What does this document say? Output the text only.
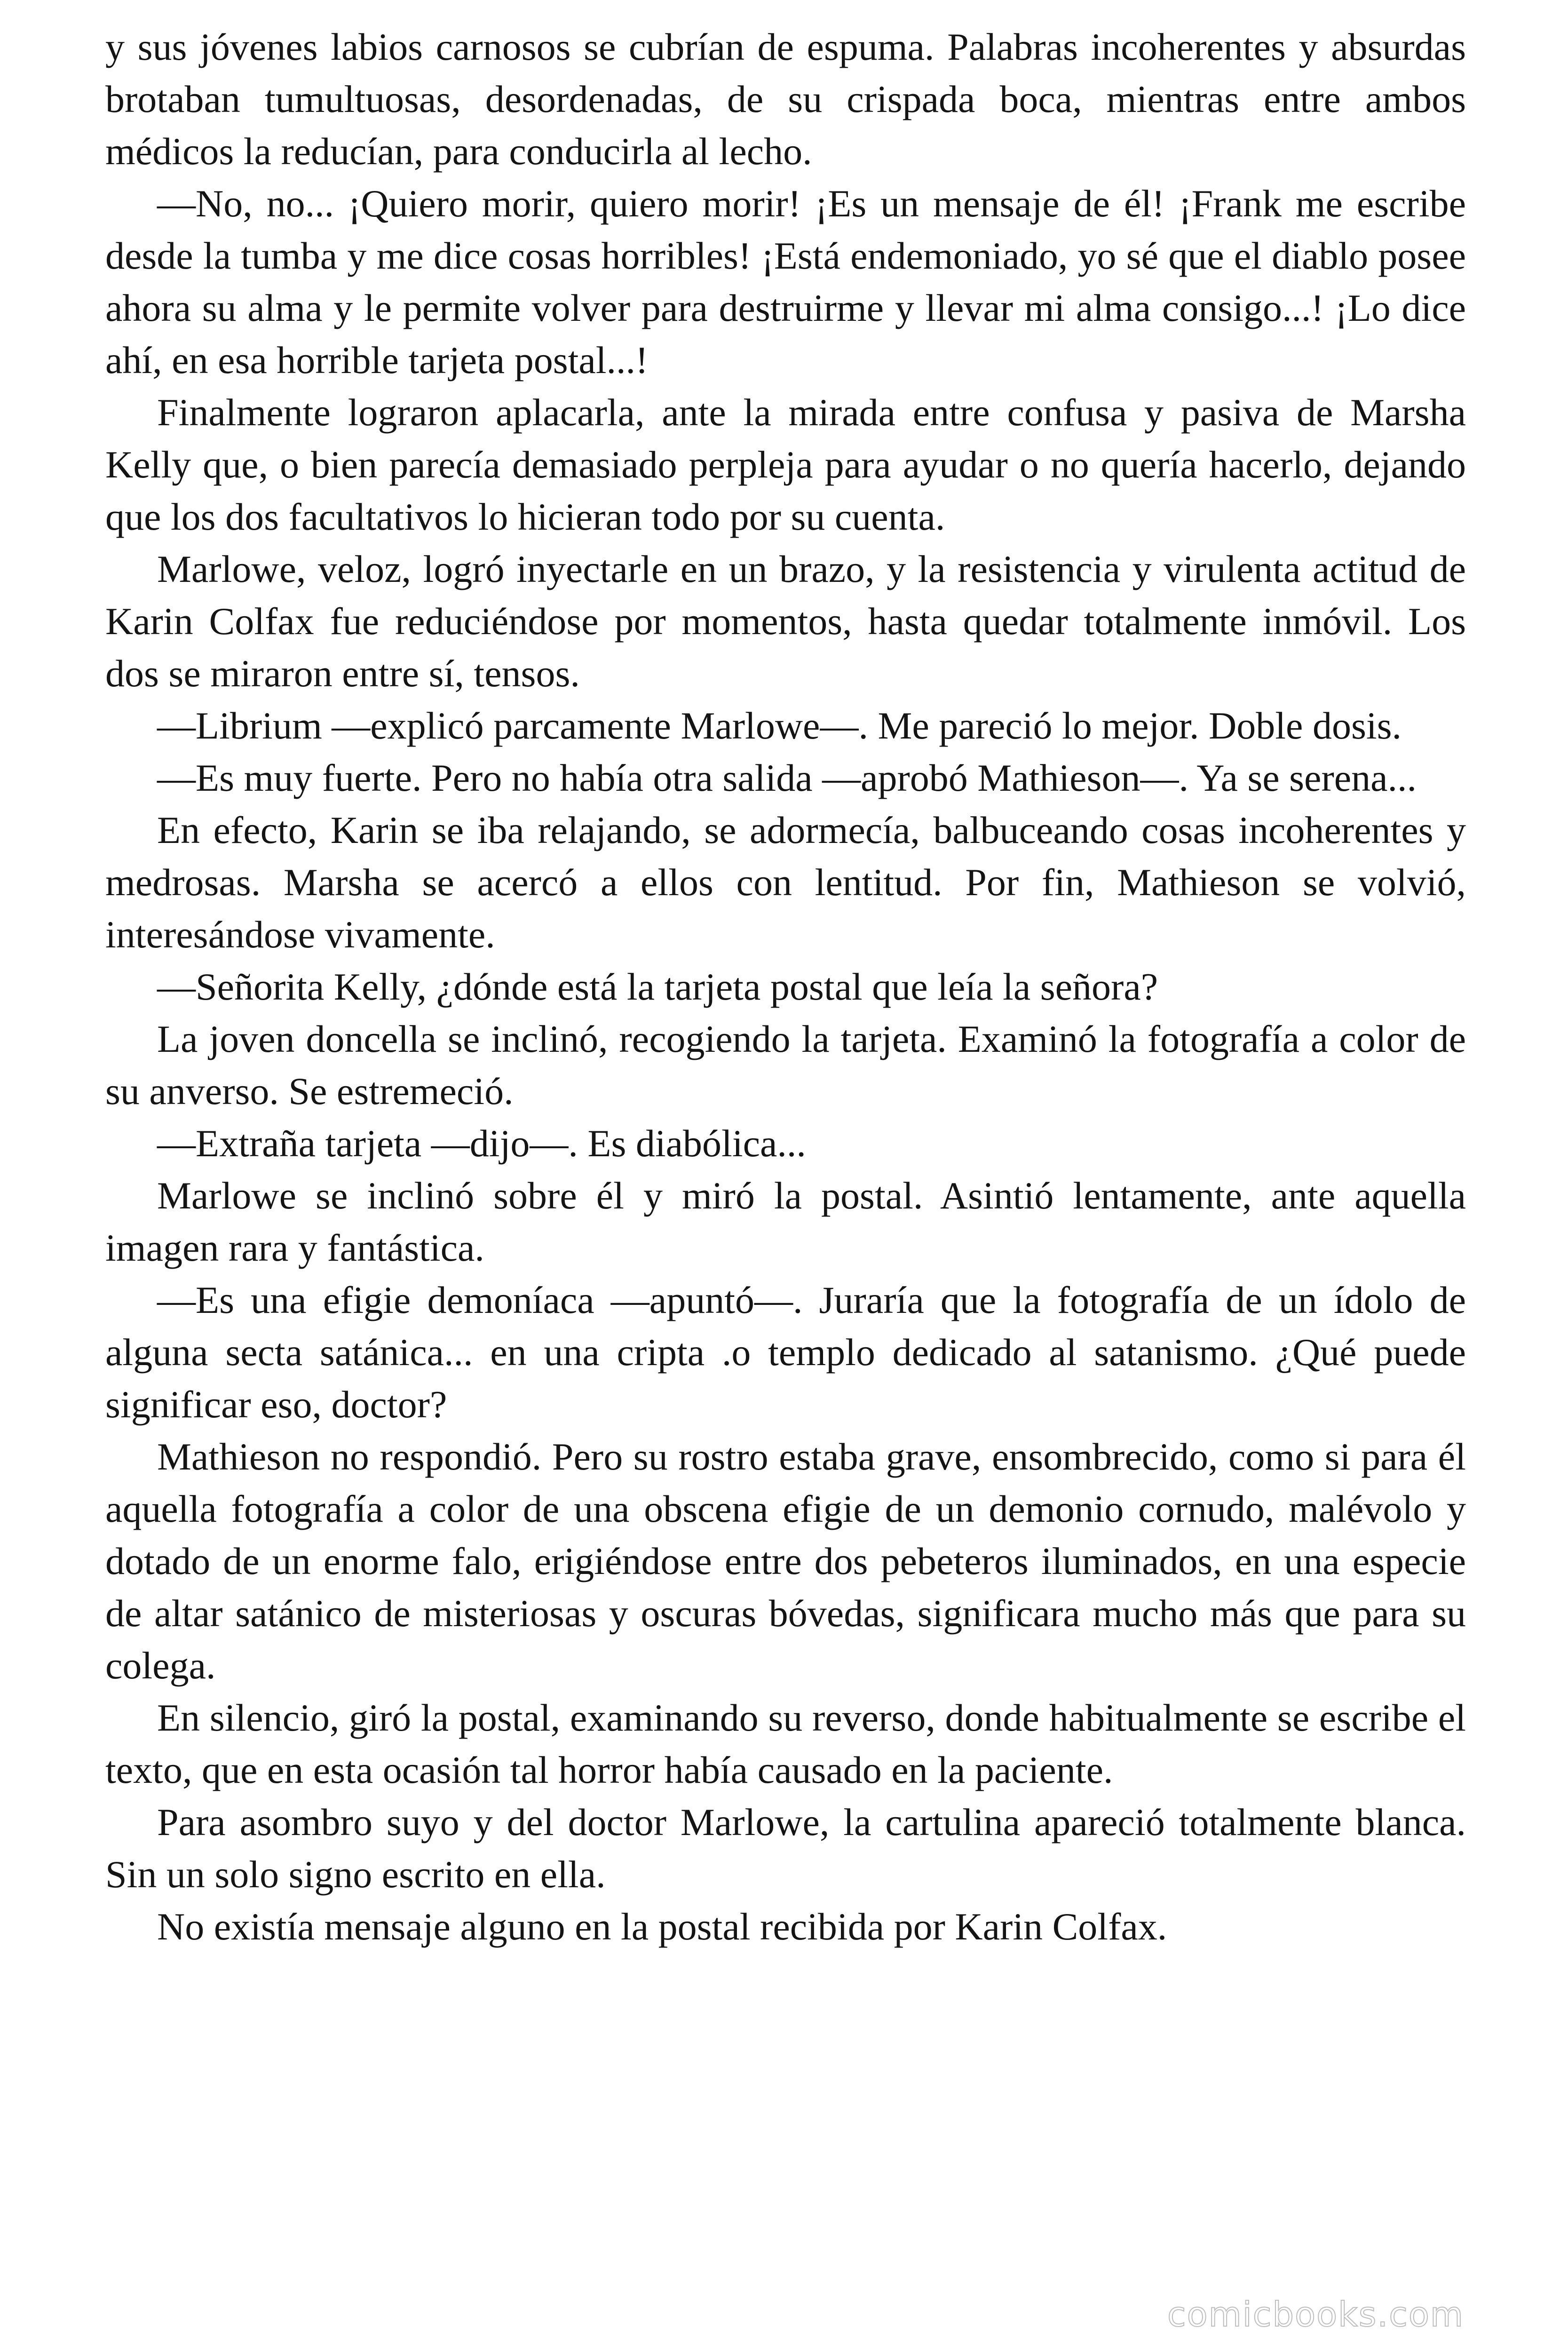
y sus jóvenes labios carnosos se cubrían de espuma. Palabras incoherentes y absurdas brotaban tumultuosas, desordenadas, de su crispada boca, mientras entre ambos médicos la reducían, para conducirla al lecho.

—No, no... ¡Quiero morir, quiero morir! ¡Es un mensaje de él! ¡Frank me escribe desde la tumba y me dice cosas horribles! ¡Está endemoniado, yo sé que el diablo posee ahora su alma y le permite volver para destruirme y llevar mi alma consigo...! ¡Lo dice ahí, en esa horrible tarjeta postal...!

Finalmente lograron aplacarla, ante la mirada entre confusa y pasiva de Marsha Kelly que, o bien parecía demasiado perpleja para ayudar o no quería hacerlo, dejando que los dos facultativos lo hicieran todo por su cuenta.

Marlowe, veloz, logró inyectarle en un brazo, y la resistencia y virulenta actitud de Karin Colfax fue reduciéndose por momentos, hasta quedar totalmente inmóvil. Los dos se miraron entre sí, tensos.

—Librium —explicó parcamente Marlowe—. Me pareció lo mejor. Doble dosis.

—Es muy fuerte. Pero no había otra salida —aprobó Mathieson—. Ya se serena...

En efecto, Karin se iba relajando, se adormecía, balbuceando cosas incoherentes y medrosas. Marsha se acercó a ellos con lentitud. Por fin, Mathieson se volvió, interesándose vivamente.

—Señorita Kelly, ¿dónde está la tarjeta postal que leía la señora?

La joven doncella se inclinó, recogiendo la tarjeta. Examinó la fotografía a color de su anverso. Se estremeció.

—Extraña tarjeta —dijo—. Es diabólica...

Marlowe se inclinó sobre él y miró la postal. Asintió lentamente, ante aquella imagen rara y fantástica.

—Es una efigie demoníaca —apuntó—. Juraría que la fotografía de un ídolo de alguna secta satánica... en una cripta .o templo dedicado al satanismo. ¿Qué puede significar eso, doctor?

Mathieson no respondió. Pero su rostro estaba grave, ensombrecido, como si para él aquella fotografía a color de una obscena efigie de un demonio cornudo, malévolo y dotado de un enorme falo, erigiéndose entre dos pebeteros iluminados, en una especie de altar satánico de misteriosas y oscuras bóvedas, significara mucho más que para su colega.

En silencio, giró la postal, examinando su reverso, donde habitualmente se escribe el texto, que en esta ocasión tal horror había causado en la paciente.

Para asombro suyo y del doctor Marlowe, la cartulina apareció totalmente blanca. Sin un solo signo escrito en ella.

No existía mensaje alguno en la postal recibida por Karin Colfax.

comicbooks.com
